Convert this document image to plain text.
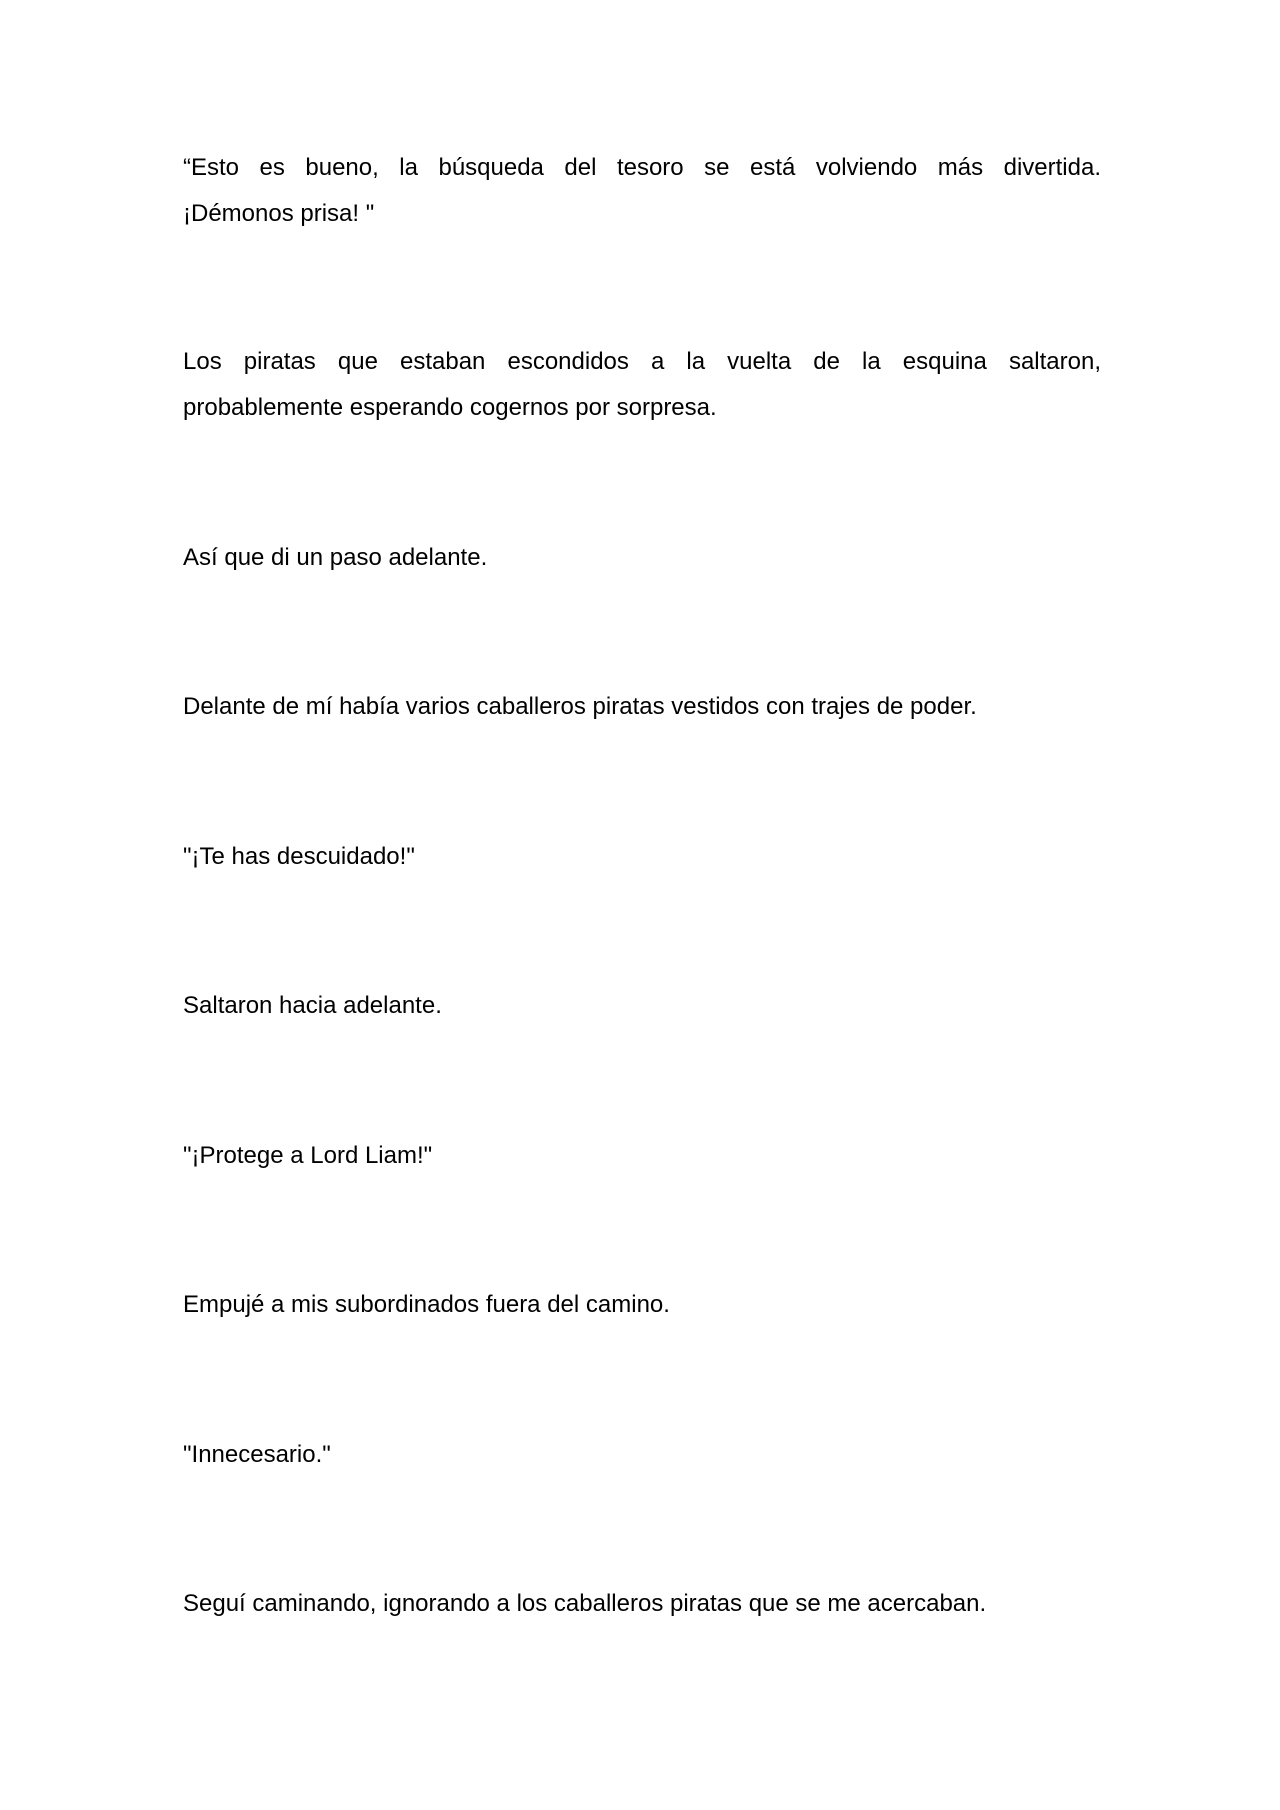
“Esto es bueno, la búsqueda del tesoro se está volviendo más divertida.
¡Démonos prisa! "
Los piratas que estaban escondidos a la vuelta de la esquina saltaron,
probablemente esperando cogernos por sorpresa.
Así que di un paso adelante.
Delante de mí había varios caballeros piratas vestidos con trajes de poder.
"¡Te has descuidado!"
Saltaron hacia adelante.
"¡Protege a Lord Liam!"
Empujé a mis subordinados fuera del camino.
"Innecesario."
Seguí caminando, ignorando a los caballeros piratas que se me acercaban.
